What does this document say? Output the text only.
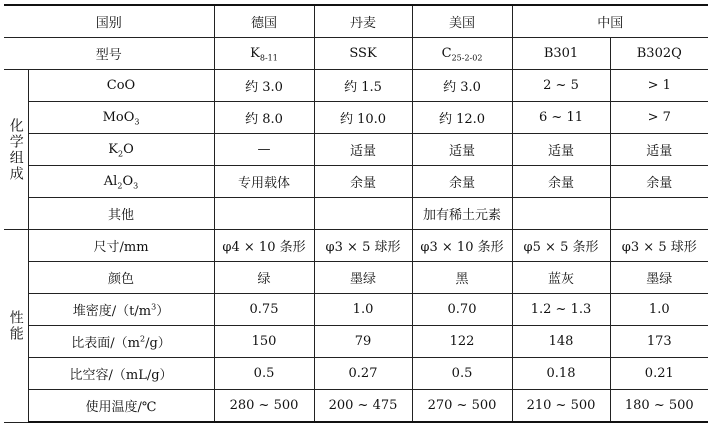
国别		德国	丹麦	美国	中国	
型号		$K_{8-11}$	SSK	$C_{25-2-02}$	B301	B302Q
化学组成	CoO	约 3.0	约 1.5	约 3.0	2 ~ 5	> 1
	MoO$_3$	约 8.0	约 10.0	约 12.0	6 ~ 11	> 7
	$K_2O$	—	适量	适量	适量	适量
	$Al_2O_3$	专用载体	余量	余量	余量	余量
	其他			加有稀土元素		
性能	尺寸/mm	φ4 × 10 条形	φ3 × 5 球形	φ3 × 10 条形	φ5 × 5 条形	φ3 × 5 球形
	颜色	绿	墨绿	黑	蓝灰	墨绿
	堆密度$/(t/m^3)$	0.75	1.0	0.70	1.2 ~ 1.3	1.0
	比表面$/(m^2/g)$	150	79	122	148	173
	比空容/（mL/g）	0.5	0.27	0.5	0.18	0.21
	使用温度/℃	280 ~ 500	200 ~ 475	270 ~ 500	210 ~ 500	180 ~ 500
